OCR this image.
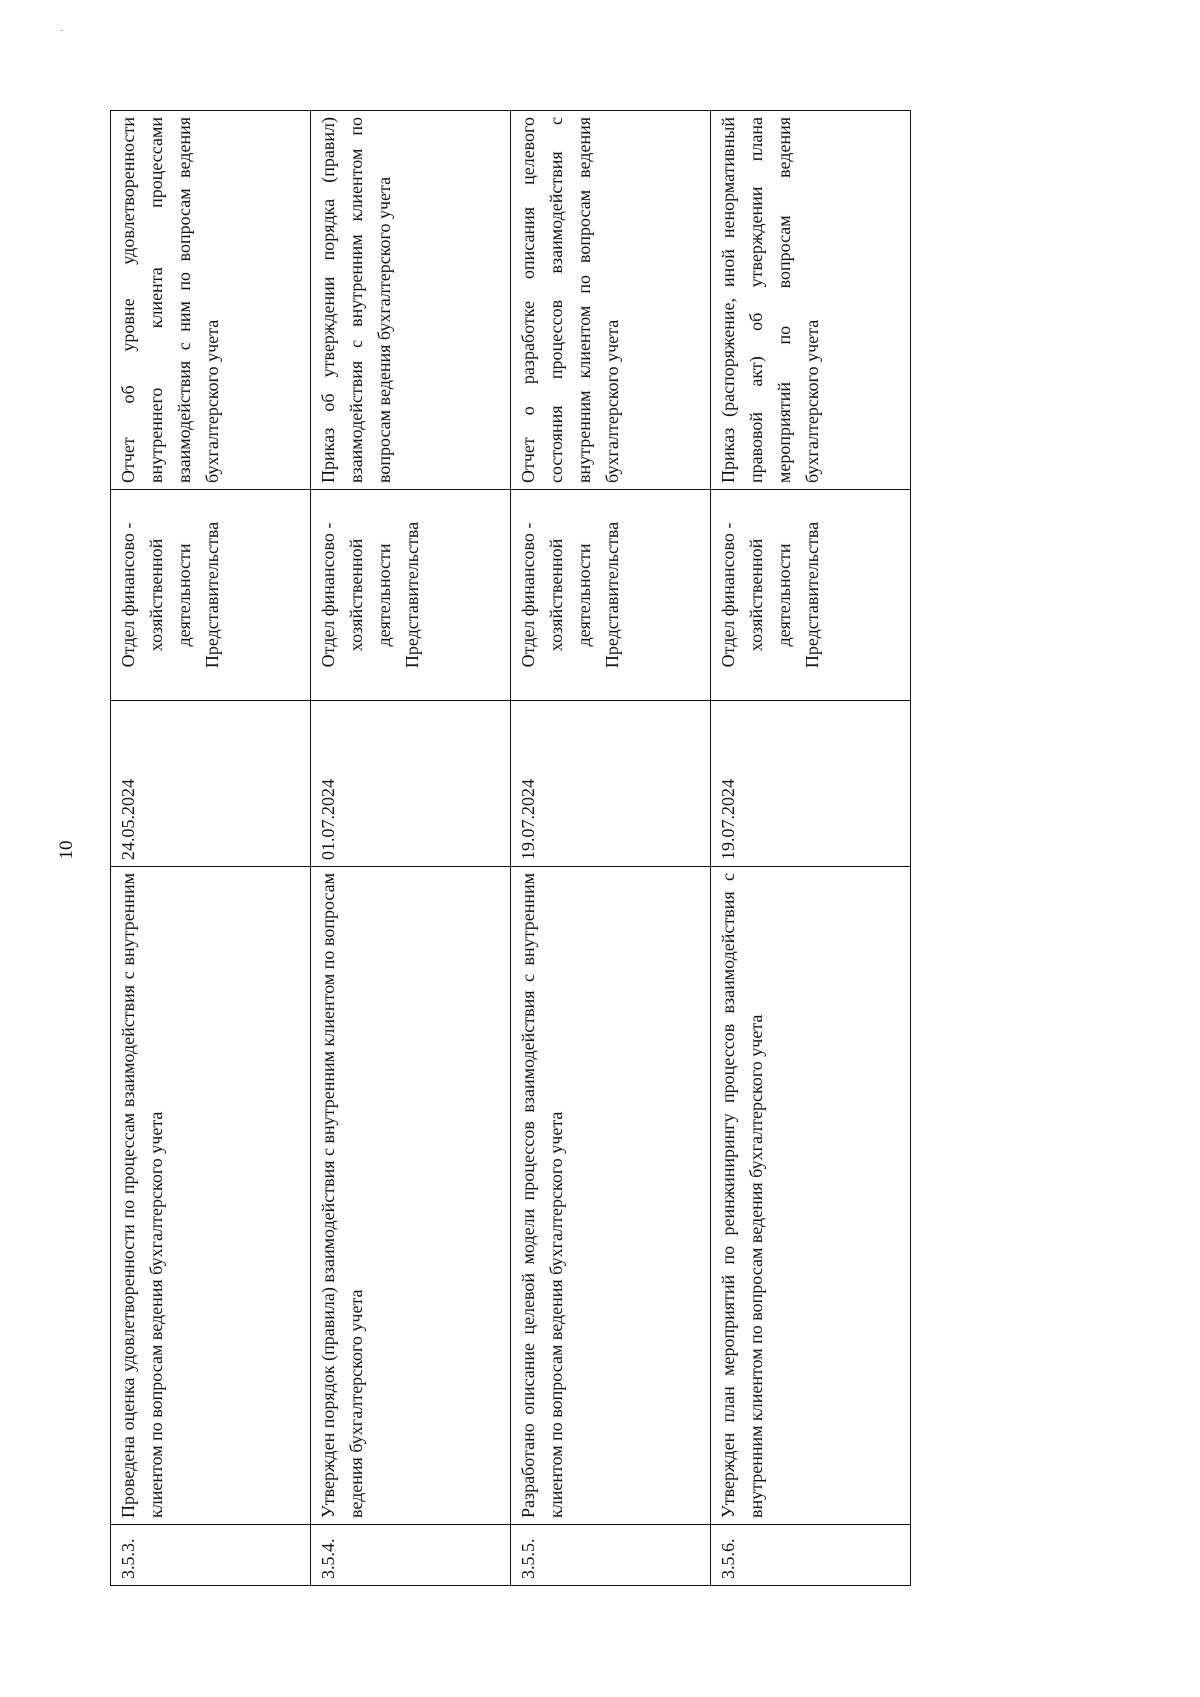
10
3.5.3.	Проведена оценка удовлетворенности по процессам взаимодействия с внутренним клиентом по вопросам ведения бухгалтерского учета	24.05.2024	Отдел финансово - хозяйственной деятельности Представительства	Отчет об уровне удовлетворенности внутреннего клиента процессами взаимодействия с ним по вопросам ведения бухгалтерского учета
3.5.4.	Утвержден порядок (правила) взаимодействия с внутренним клиентом по вопросам ведения бухгалтерского учета	01.07.2024	Отдел финансово - хозяйственной деятельности Представительства	Приказ об утверждении порядка (правил) взаимодействия с внутренним клиентом по вопросам ведения бухгалтерского учета
3.5.5.	Разработано описание целевой модели процессов взаимодействия с внутренним клиентом по вопросам ведения бухгалтерского учета	19.07.2024	Отдел финансово - хозяйственной деятельности Представительства	Отчет о разработке описания целевого состояния процессов взаимодействия с внутренним клиентом по вопросам ведения бухгалтерского учета
3.5.6.	Утвержден план мероприятий по реинжинирингу процессов взаимодействия с внутренним клиентом по вопросам ведения бухгалтерского учета	19.07.2024	Отдел финансово - хозяйственной деятельности Представительства	Приказ (распоряжение, иной ненормативный правовой акт) об утверждении плана мероприятий по вопросам ведения бухгалтерского учета
